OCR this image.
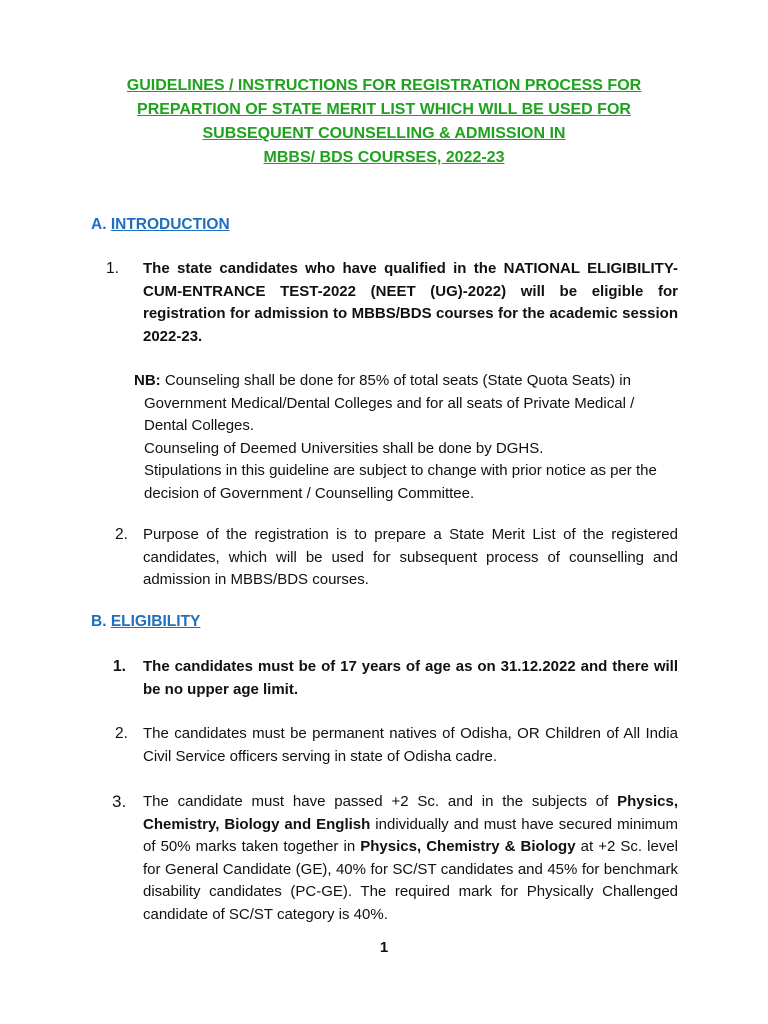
GUIDELINES / INSTRUCTIONS FOR REGISTRATION PROCESS FOR
PREPARTION OF STATE MERIT LIST WHICH WILL BE USED FOR
SUBSEQUENT COUNSELLING & ADMISSION IN
MBBS/ BDS COURSES, 2022-23
A. INTRODUCTION
1. The state candidates who have qualified in the NATIONAL ELIGIBILITY-CUM-ENTRANCE TEST-2022 (NEET (UG)-2022) will be eligible for registration for admission to MBBS/BDS courses for the academic session 2022-23.

NB: Counseling shall be done for 85% of total seats (State Quota Seats) in Government Medical/Dental Colleges and for all seats of Private Medical / Dental Colleges.

Counseling of Deemed Universities shall be done by DGHS.

Stipulations in this guideline are subject to change with prior notice as per the decision of Government / Counselling Committee.

2. Purpose of the registration is to prepare a State Merit List of the registered candidates, which will be used for subsequent process of counselling and admission in MBBS/BDS courses.
B. ELIGIBILITY
1. The candidates must be of 17 years of age as on 31.12.2022 and there will be no upper age limit.
2. The candidates must be permanent natives of Odisha, OR Children of All India Civil Service officers serving in state of Odisha cadre.
3. The candidate must have passed +2 Sc. and in the subjects of Physics, Chemistry, Biology and English individually and must have secured minimum of 50% marks taken together in Physics, Chemistry & Biology at +2 Sc. level for General Candidate (GE), 40% for SC/ST candidates and 45% for benchmark disability candidates (PC-GE). The required mark for Physically Challenged candidate of SC/ST category is 40%.
1
